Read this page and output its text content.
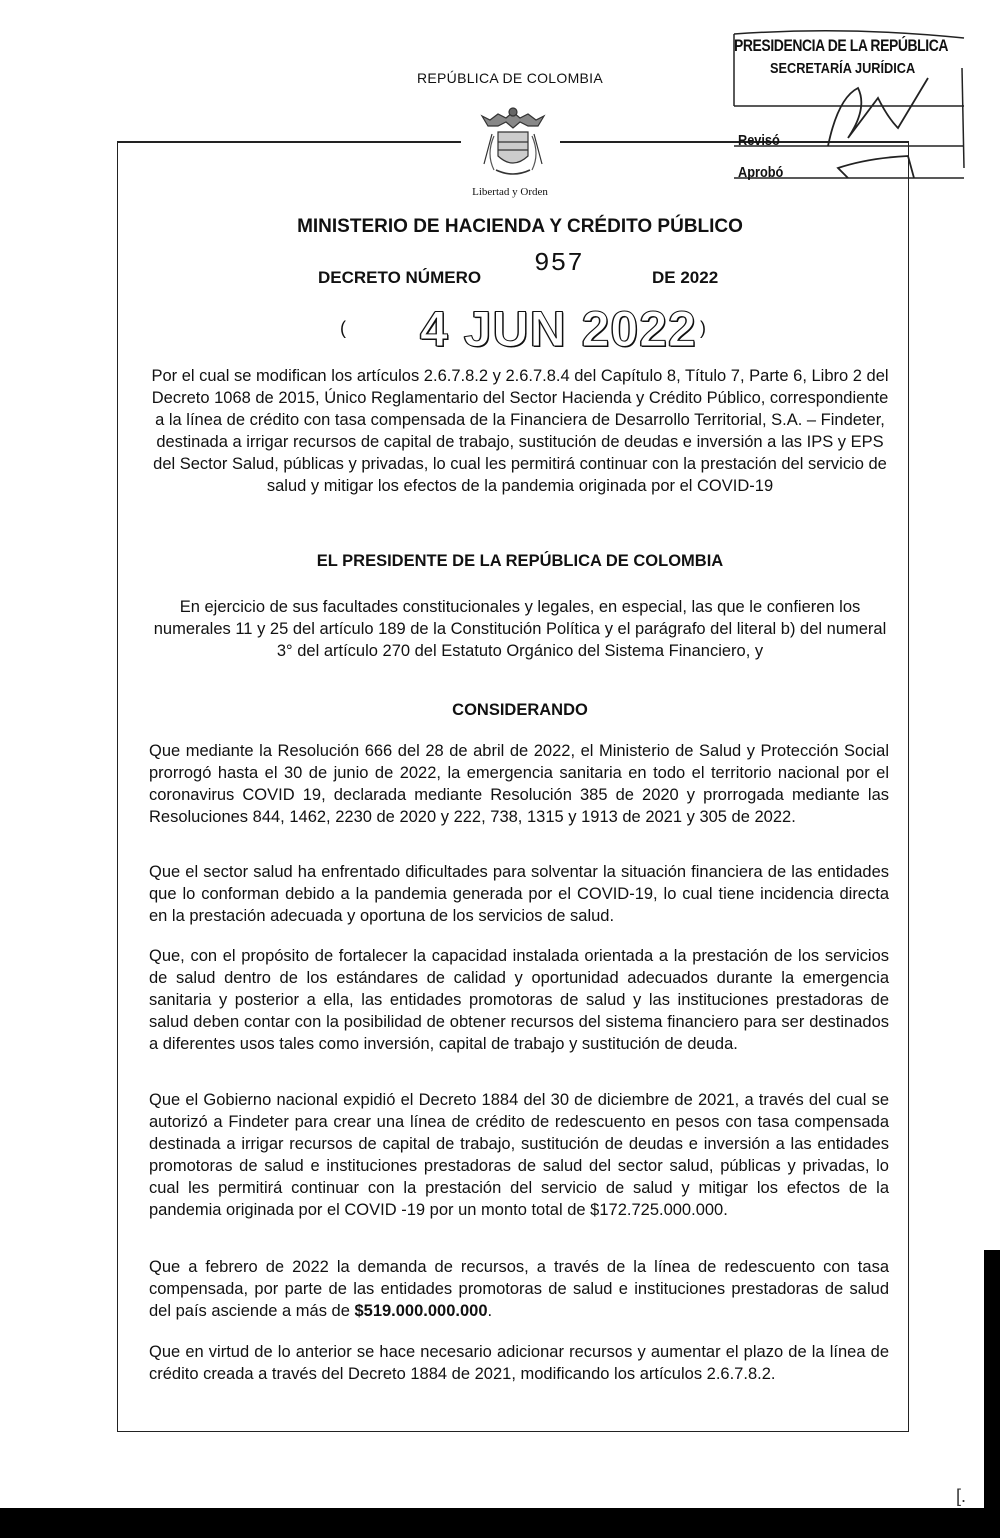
REPÚBLICA DE COLOMBIA
Libertad y Orden
PRESIDENCIA DE LA REPÚBLICA
SECRETARÍA JURÍDICA
Revisó
Aprobó
MINISTERIO DE HACIENDA Y CRÉDITO PÚBLICO
DECRETO NÚMERO 957	DE 2022
( 4 JUN 2022 )
Por el cual se modifican los artículos 2.6.7.8.2 y 2.6.7.8.4 del Capítulo 8, Título 7, Parte 6, Libro 2 del Decreto 1068 de 2015, Único Reglamentario del Sector Hacienda y Crédito Público, correspondiente a la línea de crédito con tasa compensada de la Financiera de Desarrollo Territorial, S.A. – Findeter, destinada a irrigar recursos de capital de trabajo, sustitución de deudas e inversión a las IPS y EPS del Sector Salud, públicas y privadas, lo cual les permitirá continuar con la prestación del servicio de salud y mitigar los efectos de la pandemia originada por el COVID-19
EL PRESIDENTE DE LA REPÚBLICA DE COLOMBIA
En ejercicio de sus facultades constitucionales y legales, en especial, las que le confieren los numerales 11 y 25 del artículo 189 de la Constitución Política y el parágrafo del literal b) del numeral 3° del artículo 270 del Estatuto Orgánico del Sistema Financiero, y
CONSIDERANDO

Que mediante la Resolución 666 del 28 de abril de 2022, el Ministerio de Salud y Protección Social prorrogó hasta el 30 de junio de 2022, la emergencia sanitaria en todo el territorio nacional por el coronavirus COVID 19, declarada mediante Resolución 385 de 2020 y prorrogada mediante las Resoluciones 844, 1462, 2230 de 2020 y 222, 738, 1315 y 1913 de 2021 y 305 de 2022.

Que el sector salud ha enfrentado dificultades para solventar la situación financiera de las entidades que lo conforman debido a la pandemia generada por el COVID-19, lo cual tiene incidencia directa en la prestación adecuada y oportuna de los servicios de salud.

Que, con el propósito de fortalecer la capacidad instalada orientada a la prestación de los servicios de salud dentro de los estándares de calidad y oportunidad adecuados durante la emergencia sanitaria y posterior a ella, las entidades promotoras de salud y las instituciones prestadoras de salud deben contar con la posibilidad de obtener recursos del sistema financiero para ser destinados a diferentes usos tales como inversión, capital de trabajo y sustitución de deuda.

Que el Gobierno nacional expidió el Decreto 1884 del 30 de diciembre de 2021, a través del cual se autorizó a Findeter para crear una línea de crédito de redescuento en pesos con tasa compensada destinada a irrigar recursos de capital de trabajo, sustitución de deudas e inversión a las entidades promotoras de salud e instituciones prestadoras de salud del sector salud, públicas y privadas, lo cual les permitirá continuar con la prestación del servicio de salud y mitigar los efectos de la pandemia originada por el COVID -19 por un monto total de $172.725.000.000.

Que a febrero de 2022 la demanda de recursos, a través de la línea de redescuento con tasa compensada, por parte de las entidades promotoras de salud e instituciones prestadoras de salud del país asciende a más de $519.000.000.000.

Que en virtud de lo anterior se hace necesario adicionar recursos y aumentar el plazo de la línea de crédito creada a través del Decreto 1884 de 2021, modificando los artículos 2.6.7.8.2.

[.
